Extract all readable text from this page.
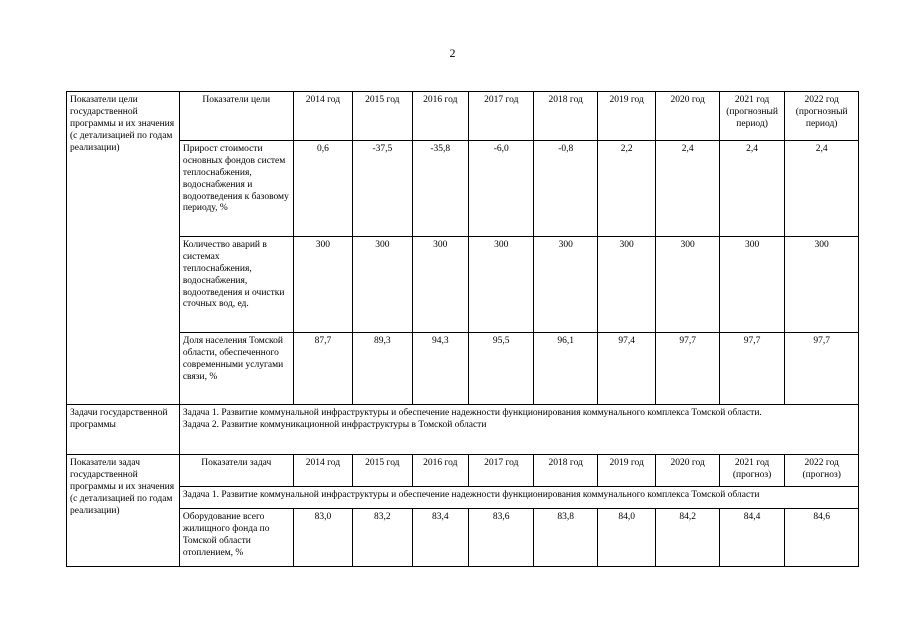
2
Показатели цели государственной программы и их значения (с детализацией по годам реализации)	Показатели цели	2014 год	2015 год	2016 год	2017 год	2018 год	2019 год	2020 год	2021 год (прогнозный период)	2022 год (прогнозный период)
	Прирост стоимости основных фондов систем теплоснабжения, водоснабжения и водоотведения к базовому периоду, %	0,6	-37,5	-35,8	-6,0	-0,8	2,2	2,4	2,4	2,4
	Количество аварий в системах теплоснабжения, водоснабжения, водоотведения и очистки сточных вод, ед.	300	300	300	300	300	300	300	300	300
	Доля населения Томской области, обеспеченного современными услугами связи, %	87,7	89,3	94,3	95,5	96,1	97,4	97,7	97,7	97,7
Задачи государственной программы	Задача 1. Развитие коммунальной инфраструктуры и обеспечение надежности функционирования коммунального комплекса Томской области.
Задача 2. Развитие коммуникационной инфраструктуры в Томской области									

Показатели задач государственной программы и их значения (с детализацией по годам реализации)	Показатели задач	2014 год	2015 год	2016 год	2017 год	2018 год	2019 год	2020 год	2021 год (прогноз)	2022 год (прогноз)
	Задача 1. Развитие коммунальной инфраструктуры и обеспечение надежности функционирования коммунального комплекса Томской области									
	Оборудование всего жилищного фонда по Томской области отоплением, %	83,0	83,2	83,4	83,6	83,8	84,0	84,2	84,4	84,6
